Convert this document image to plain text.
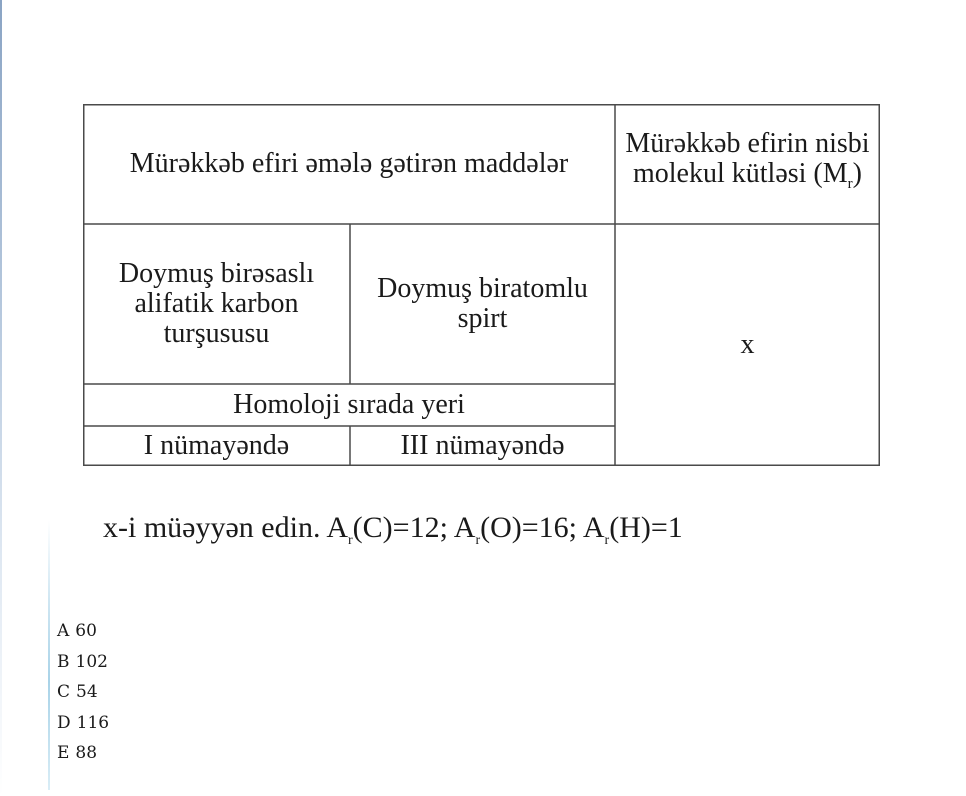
Mürəkkəb efiri əmələ gətirən maddələr
Mürəkkəb efirin nisbi molekul kütləsi $(M_r)$
Doymuş birəsaslı alifatik karbon turşususu
Doymuş biratomlu spirt
x
Homoloji sırada yeri
I nümayəndə	III nümayəndə
x-i müəyyən edin. $A_r(C)=12$; $A_r(O)=16$; $A_r(H)=1$
A 60
B 102
C 54
D 116
E 88
